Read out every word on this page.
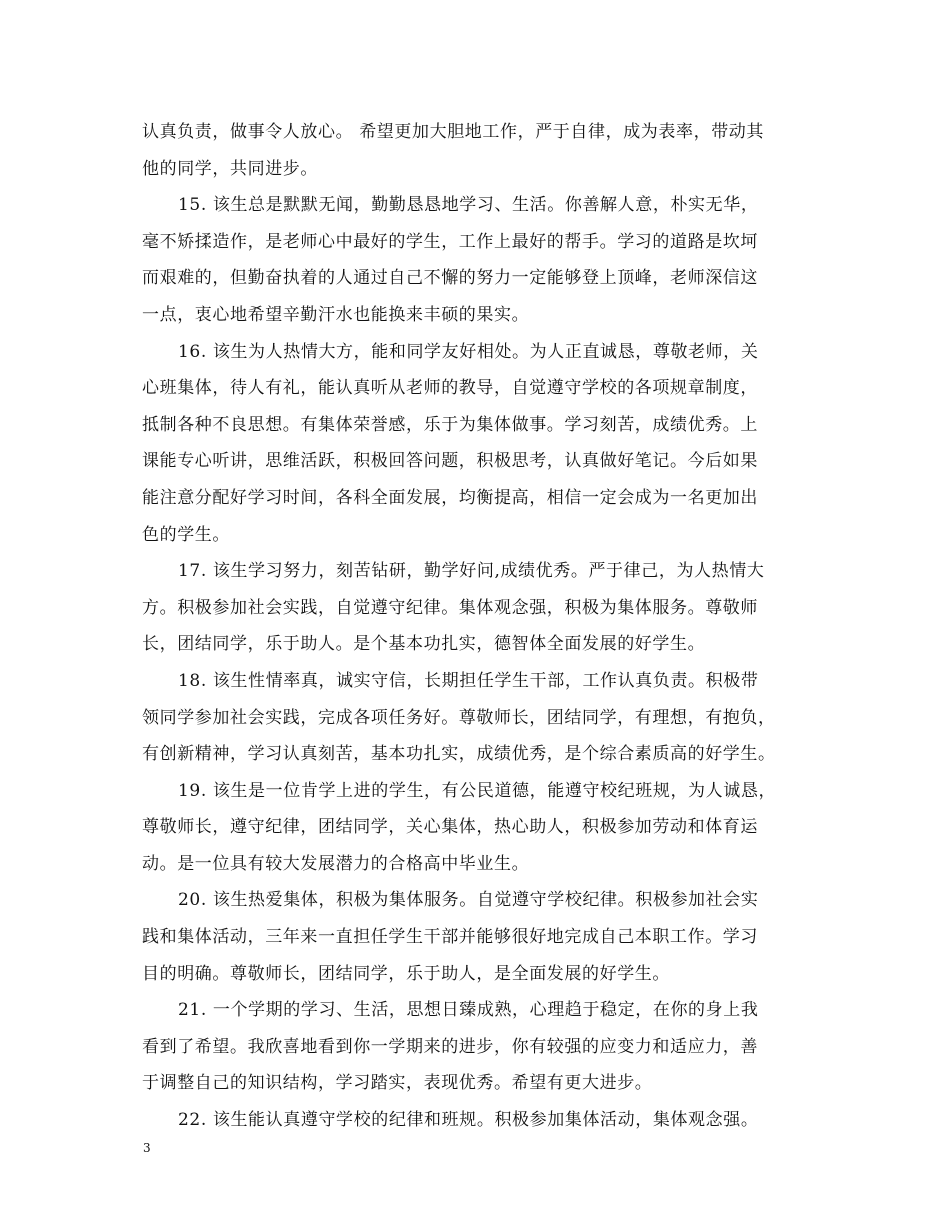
认真负责，做事令人放心。 希望更加大胆地工作，严于自律，成为表率，带动其
他的同学，共同进步。
15. 该生总是默默无闻，勤勤恳恳地学习、生活。你善解人意，朴实无华，
毫不矫揉造作，是老师心中最好的学生，工作上最好的帮手。学习的道路是坎坷
而艰难的，但勤奋执着的人通过自己不懈的努力一定能够登上顶峰，老师深信这
一点，衷心地希望辛勤汗水也能换来丰硕的果实。
16. 该生为人热情大方，能和同学友好相处。为人正直诚恳，尊敬老师，关
心班集体，待人有礼，能认真听从老师的教导，自觉遵守学校的各项规章制度，
抵制各种不良思想。有集体荣誉感，乐于为集体做事。学习刻苦，成绩优秀。上
课能专心听讲，思维活跃，积极回答问题，积极思考，认真做好笔记。今后如果
能注意分配好学习时间，各科全面发展，均衡提高，相信一定会成为一名更加出
色的学生。
17. 该生学习努力，刻苦钻研，勤学好问,成绩优秀。严于律己，为人热情大
方。积极参加社会实践，自觉遵守纪律。集体观念强，积极为集体服务。尊敬师
长，团结同学，乐于助人。是个基本功扎实，德智体全面发展的好学生。
18. 该生性情率真，诚实守信，长期担任学生干部，工作认真负责。积极带
领同学参加社会实践，完成各项任务好。尊敬师长，团结同学，有理想，有抱负，
有创新精神，学习认真刻苦，基本功扎实，成绩优秀，是个综合素质高的好学生。
19. 该生是一位肯学上进的学生，有公民道德，能遵守校纪班规，为人诚恳，
尊敬师长，遵守纪律，团结同学，关心集体，热心助人，积极参加劳动和体育运
动。是一位具有较大发展潜力的合格高中毕业生。
20. 该生热爱集体，积极为集体服务。自觉遵守学校纪律。积极参加社会实
践和集体活动，三年来一直担任学生干部并能够很好地完成自己本职工作。学习
目的明确。尊敬师长，团结同学，乐于助人，是全面发展的好学生。
21. 一个学期的学习、生活，思想日臻成熟，心理趋于稳定，在你的身上我
看到了希望。我欣喜地看到你一学期来的进步，你有较强的应变力和适应力，善
于调整自己的知识结构，学习踏实，表现优秀。希望有更大进步。
22. 该生能认真遵守学校的纪律和班规。积极参加集体活动，集体观念强。
3
